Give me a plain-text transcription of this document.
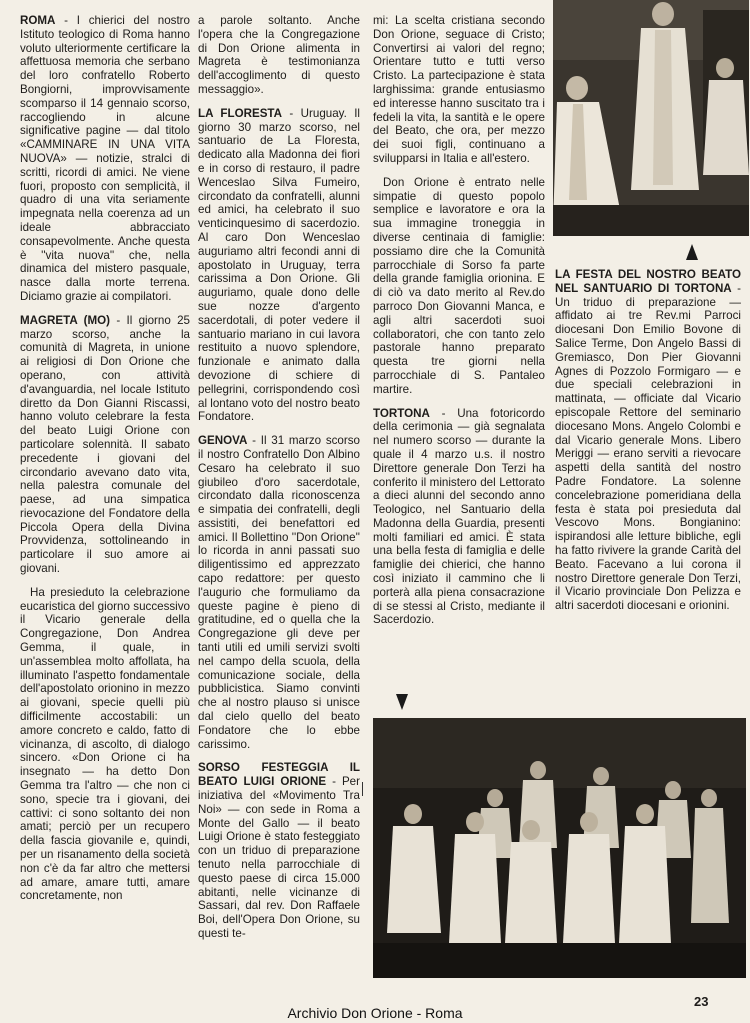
ROMA - I chierici del nostro Istituto teologico di Roma hanno voluto ulteriormente certificare la affettuosa memoria che serbano del loro confratello Roberto Bongiorni, improvvisamente scomparso il 14 gennaio scorso, raccogliendo in alcune significative pagine — dal titolo «CAMMINARE IN UNA VITA NUOVA» — notizie, stralci di scritti, ricordi di amici. Ne viene fuori, proposto con semplicità, il quadro di una vita seriamente impegnata nella coerenza ad un ideale abbracciato consapevolmente. Anche questa è ''vita nuova'' che, nella dinamica del mistero pasquale, nasce dalla morte terrena. Diciamo grazie ai compilatori.

MAGRETA (MO) - Il giorno 25 marzo scorso, anche la comunità di Magreta, in unione ai religiosi di Don Orione che operano, con attività d'avanguardia, nel locale Istituto diretto da Don Gianni Riscassi, hanno voluto celebrare la festa del beato Luigi Orione con particolare solennità. Il sabato precedente i giovani del circondario avevano dato vita, nella palestra comunale del paese, ad una simpatica rievocazione del Fondatore della Piccola Opera della Divina Provvidenza, sottolineando in particolare il suo amore ai giovani.

Ha presieduto la celebrazione eucaristica del giorno successivo il Vicario generale della Congregazione, Don Andrea Gemma, il quale, in un'assemblea molto affollata, ha illuminato l'aspetto fondamentale dell'apostolato orionino in mezzo ai giovani, specie quelli più difficilmente accostabili: un amore concreto e caldo, fatto di vicinanza, di ascolto, di dialogo sincero. «Don Orione ci ha insegnato — ha detto Don Gemma tra l'altro — che non ci sono, specie tra i giovani, dei cattivi: ci sono soltanto dei non amati; perciò per un recupero della fascia giovanile e, quindi, per un risanamento della società non c'è da far altro che mettersi ad amare, amare tutti, amare concretamente, non

a parole soltanto. Anche l'opera che la Congregazione di Don Orione alimenta in Magreta è testimonianza dell'accoglimento di questo messaggio».

LA FLORESTA - Uruguay. Il giorno 30 marzo scorso, nel santuario de La Floresta, dedicato alla Madonna dei fiori e in corso di restauro, il padre Wenceslao Silva Fumeiro, circondato da confratelli, alunni ed amici, ha celebrato il suo venticinquesimo di sacerdozio. Al caro Don Wenceslao auguriamo altri fecondi anni di apostolato in Uruguay, terra carissima a Don Orione. Gli auguriamo, quale dono delle sue nozze d'argento sacerdotali, di poter vedere il santuario mariano in cui lavora restituito a nuovo splendore, funzionale e animato dalla devozione di schiere di pellegrini, corrispondendo così al lontano voto del nostro beato Fondatore.

GENOVA - Il 31 marzo scorso il nostro Confratello Don Albino Cesaro ha celebrato il suo giubileo d'oro sacerdotale, circondato dalla riconoscenza e simpatia dei confratelli, degli assistiti, dei benefattori ed amici. Il Bollettino ''Don Orione'' lo ricorda in anni passati suo diligentissimo ed apprezzato capo redattore: per questo l'augurio che formuliamo da queste pagine è pieno di gratitudine, ed o quella che la Congregazione gli deve per tanti utili ed umili servizi svolti nel campo della scuola, della comunicazione sociale, della pubblicistica. Siamo convinti che al nostro plauso si unisce dal cielo quello del beato Fondatore che lo ebbe carissimo.

SORSO FESTEGGIA IL BEATO LUIGI ORIONE - Per iniziativa del «Movimento Tra Noi» — con sede in Roma a Monte del Gallo — il beato Luigi Orione è stato festeggiato con un triduo di preparazione tenuto nella parrocchiale di questo paese di circa 15.000 abitanti, nelle vicinanze di Sassari, dal rev. Don Raffaele Boi, dell'Opera Don Orione, su questi te-

mi: La scelta cristiana secondo Don Orione, seguace di Cristo; Convertirsi ai valori del regno; Orientare tutto e tutti verso Cristo. La partecipazione è stata larghissima: grande entusiasmo ed interesse hanno suscitato tra i fedeli la vita, la santità e le opere del Beato, che ora, per mezzo dei suoi figli, continuano a svilupparsi in Italia e all'estero.

Don Orione è entrato nelle simpatie di questo popolo semplice e lavoratore e ora la sua immagine troneggia in diverse centinaia di famiglie: possiamo dire che la Comunità parrocchiale di Sorso fa parte della grande famiglia orionina. E di ciò va dato merito al Rev.do parroco Don Giovanni Manca, e agli altri sacerdoti suoi collaboratori, che con tanto zelo pastorale hanno preparato questa tre giorni nella parrocchiale di S. Pantaleo martire.

TORTONA - Una fotoricordo della cerimonia — già segnalata nel numero scorso — durante la quale il 4 marzo u.s. il nostro Direttore generale Don Terzi ha conferito il ministero del Lettorato a dieci alunni del secondo anno Teologico, nel Santuario della Madonna della Guardia, presenti molti familiari ed amici. È stata una bella festa di famiglia e delle famiglie dei chierici, che hanno così iniziato il cammino che li porterà alla piena consacrazione di se stessi al Cristo, mediante il Sacerdozio.

LA FESTA DEL NOSTRO BEATO NEL SANTUARIO DI TORTONA - Un triduo di preparazione — affidato ai tre Rev.mi Parroci diocesani Don Emilio Bovone di Salice Terme, Don Angelo Bassi di Gremiasco, Don Pier Giovanni Agnes di Pozzolo Formigaro — e due speciali celebrazioni in mattinata, — officiate dal Vicario episcopale Rettore del seminario diocesano Mons. Angelo Colombi e dal Vicario generale Mons. Libero Meriggi — erano serviti a rievocare aspetti della santità del nostro Padre Fondatore. La solenne concelebrazione pomeridiana della festa è stata poi presieduta dal Vescovo Mons. Bongianino: ispirandosi alle letture bibliche, egli ha fatto rivivere la grande Carità del Beato. Facevano a lui corona il nostro Direttore generale Don Terzi, il Vicario provinciale Don Pelizza e altri sacerdoti diocesani e orionini.

23
Archivio Don Orione - Roma
